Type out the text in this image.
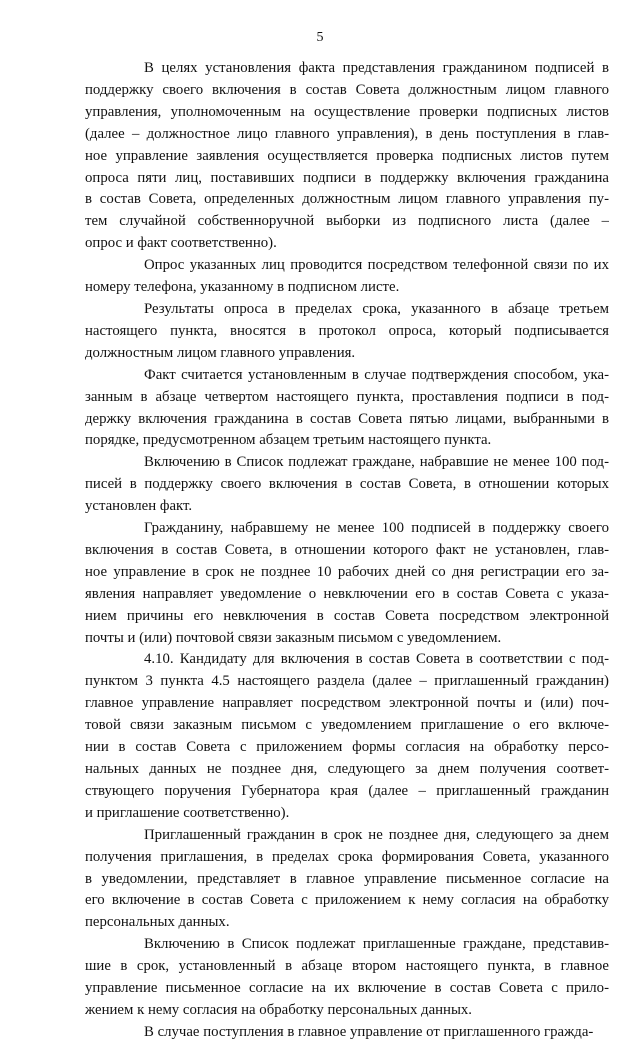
5

В целях установления факта представления гражданином подписей в
поддержку своего включения в состав Совета должностным лицом главного
управления, уполномоченным на осуществление проверки подписных листов
(далее – должностное лицо главного управления), в день поступления в глав-
ное управление заявления осуществляется проверка подписных листов путем
опроса пяти лиц, поставивших подписи в поддержку включения гражданина
в состав Совета, определенных должностным лицом главного управления пу-
тем случайной собственноручной выборки из подписного листа (далее –
опрос и факт соответственно).

Опрос указанных лиц проводится посредством телефонной связи по их
номеру телефона, указанному в подписном листе.

Результаты опроса в пределах срока, указанного в абзаце третьем
настоящего пункта, вносятся в протокол опроса, который подписывается
должностным лицом главного управления.

Факт считается установленным в случае подтверждения способом, ука-
занным в абзаце четвертом настоящего пункта, проставления подписи в под-
держку включения гражданина в состав Совета пятью лицами, выбранными в
порядке, предусмотренном абзацем третьим настоящего пункта.

Включению в Список подлежат граждане, набравшие не менее 100 под-
писей в поддержку своего включения в состав Совета, в отношении которых
установлен факт.

Гражданину, набравшему не менее 100 подписей в поддержку своего
включения в состав Совета, в отношении которого факт не установлен, глав-
ное управление в срок не позднее 10 рабочих дней со дня регистрации его за-
явления направляет уведомление о невключении его в состав Совета с указа-
нием причины его невключения в состав Совета посредством электронной
почты и (или) почтовой связи заказным письмом с уведомлением.

4.10. Кандидату для включения в состав Совета в соответствии с под-
пунктом 3 пункта 4.5 настоящего раздела (далее – приглашенный гражданин)
главное управление направляет посредством электронной почты и (или) поч-
товой связи заказным письмом с уведомлением приглашение о его включе-
нии в состав Совета с приложением формы согласия на обработку персо-
нальных данных не позднее дня, следующего за днем получения соответ-
ствующего поручения Губернатора края (далее – приглашенный гражданин
и приглашение соответственно).

Приглашенный гражданин в срок не позднее дня, следующего за днем
получения приглашения, в пределах срока формирования Совета, указанного
в уведомлении, представляет в главное управление письменное согласие на
его включение в состав Совета с приложением к нему согласия на обработку
персональных данных.

Включению в Список подлежат приглашенные граждане, представив-
шие в срок, установленный в абзаце втором настоящего пункта, в главное
управление письменное согласие на их включение в состав Совета с прило-
жением к нему согласия на обработку персональных данных.

В случае поступления в главное управление от приглашенного гражда-
